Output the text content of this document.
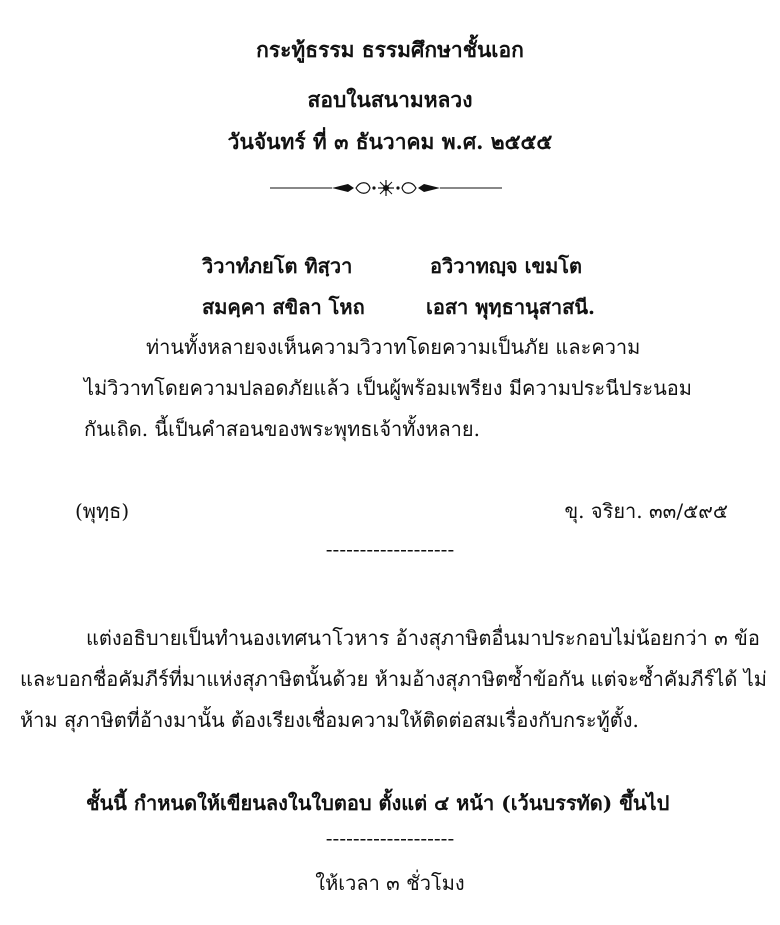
กระทู้ธรรม ธรรมศึกษาชั้นเอก
สอบในสนามหลวง
วันจันทร์ ที่ ๓ ธันวาคม พ.ศ. ๒๕๕๕
วิวาทํภยโต ทิสฺวา	อวิวาทญฺจ เขมโต
สมคฺคา สขิลา โหถ	เอสา พุทฺธานุสาสนี.
ท่านทั้งหลายจงเห็นความวิวาทโดยความเป็นภัย และความ
ไม่วิวาทโดยความปลอดภัยแล้ว เป็นผู้พร้อมเพรียง มีความประนีประนอม
กันเถิด. นี้เป็นคำสอนของพระพุทธเจ้าทั้งหลาย.
(พุทฺธ)	ขุ. จริยา. ๓๓/๕๙๕
-------------------
แต่งอธิบายเป็นทำนองเทศนาโวหาร อ้างสุภาษิตอื่นมาประกอบไม่น้อยกว่า ๓ ข้อ
และบอกชื่อคัมภีร์ที่มาแห่งสุภาษิตนั้นด้วย ห้ามอ้างสุภาษิตซ้ำข้อกัน แต่จะซ้ำคัมภีร์ได้ ไม่
ห้าม สุภาษิตที่อ้างมานั้น ต้องเรียงเชื่อมความให้ติดต่อสมเรื่องกับกระทู้ตั้ง.
ชั้นนี้ กำหนดให้เขียนลงในใบตอบ ตั้งแต่ ๔ หน้า (เว้นบรรทัด) ขึ้นไป
-------------------
ให้เวลา ๓ ชั่วโมง
